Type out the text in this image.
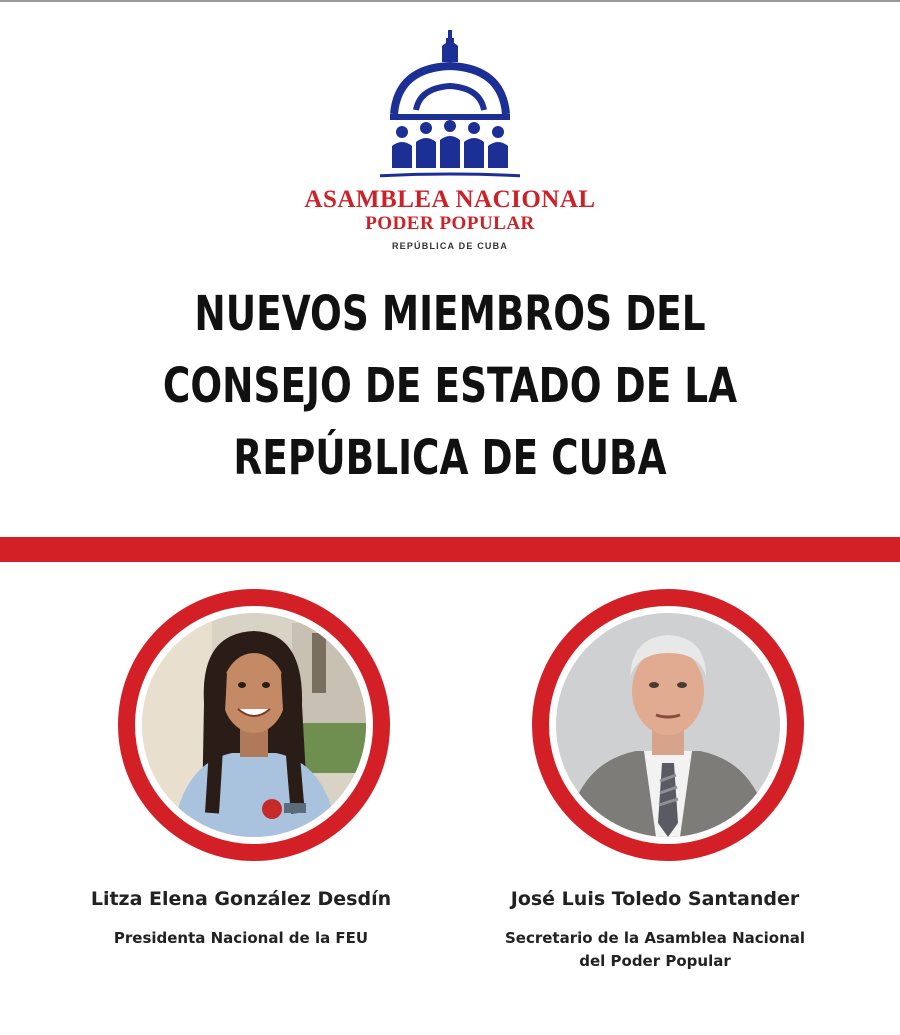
ASAMBLEA NACIONAL
PODER POPULAR
REPÚBLICA DE CUBA
NUEVOS MIEMBROS DEL
CONSEJO DE ESTADO DE LA
REPÚBLICA DE CUBA
Litza Elena González Desdín
Presidenta Nacional de la FEU
José Luis Toledo Santander
Secretario de la Asamblea Nacional
del Poder Popular
